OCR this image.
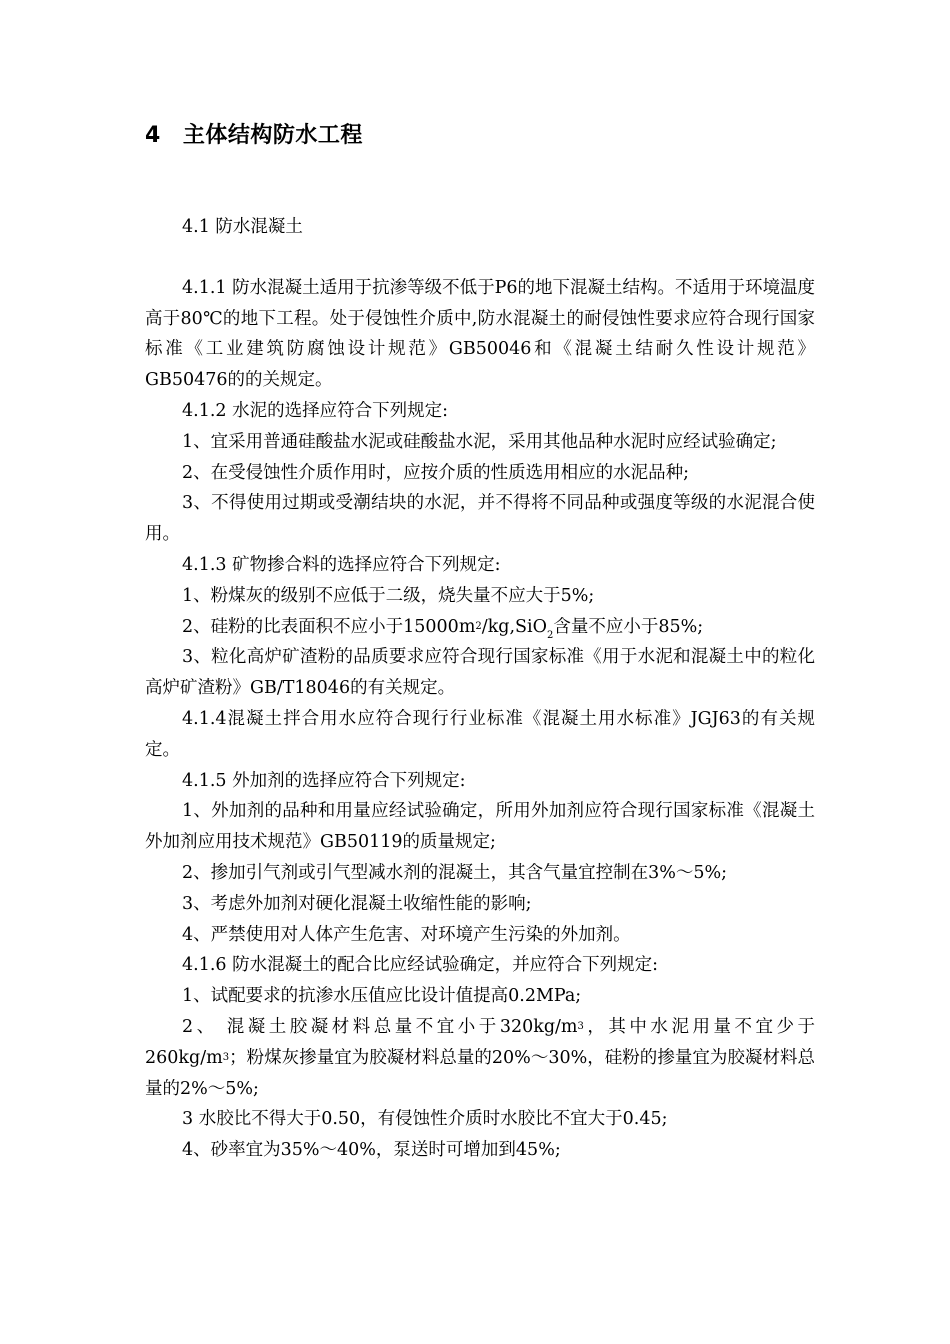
4 主体结构防水工程

4.1 防水混凝土

4.1.1 防水混凝土适用于抗渗等级不低于P6的地下混凝土结构。不适用于环境温度高于80℃的地下工程。处于侵蚀性介质中,防水混凝土的耐侵蚀性要求应符合现行国家标准《工业建筑防腐蚀设计规范》GB50046和《混凝土结耐久性设计规范》GB50476的的关规定。

4.1.2 水泥的选择应符合下列规定:

1、宜采用普通硅酸盐水泥或硅酸盐水泥，采用其他品种水泥时应经试验确定;

2、在受侵蚀性介质作用时，应按介质的性质选用相应的水泥品种;

3、不得使用过期或受潮结块的水泥，并不得将不同品种或强度等级的水泥混合使用。

4.1.3 矿物掺合料的选择应符合下列规定:

1、粉煤灰的级别不应低于二级，烧失量不应大于5%;

2、硅粉的比表面积不应小于$15000m^2/kg,SiO_2$含量不应小于85%;

3、粒化高炉矿渣粉的品质要求应符合现行国家标准《用于水泥和混凝土中的粒化高炉矿渣粉》GB/T18046的有关规定。

4.1.4混凝土拌合用水应符合现行行业标准《混凝土用水标准》JGJ63的有关规定。

4.1.5 外加剂的选择应符合下列规定:

1、外加剂的品种和用量应经试验确定，所用外加剂应符合现行国家标准《混凝土外加剂应用技术规范》GB50119的质量规定;

2、掺加引气剂或引气型减水剂的混凝土，其含气量宜控制在3%～5%;

3、考虑外加剂对硬化混凝土收缩性能的影响;

4、严禁使用对人体产生危害、对环境产生污染的外加剂。

4.1.6 防水混凝土的配合比应经试验确定，并应符合下列规定:

1、试配要求的抗渗水压值应比设计值提高0.2MPa;

2、 混凝土胶凝材料总量不宜小于$320kg/m^3$，其中水泥用量不宜少于$260kg/m^3$；粉煤灰掺量宜为胶凝材料总量的20%～30%，硅粉的掺量宜为胶凝材料总量的2%～5%;

3 水胶比不得大于0.50，有侵蚀性介质时水胶比不宜大于0.45;

4、砂率宜为35%～40%，泵送时可增加到45%;
